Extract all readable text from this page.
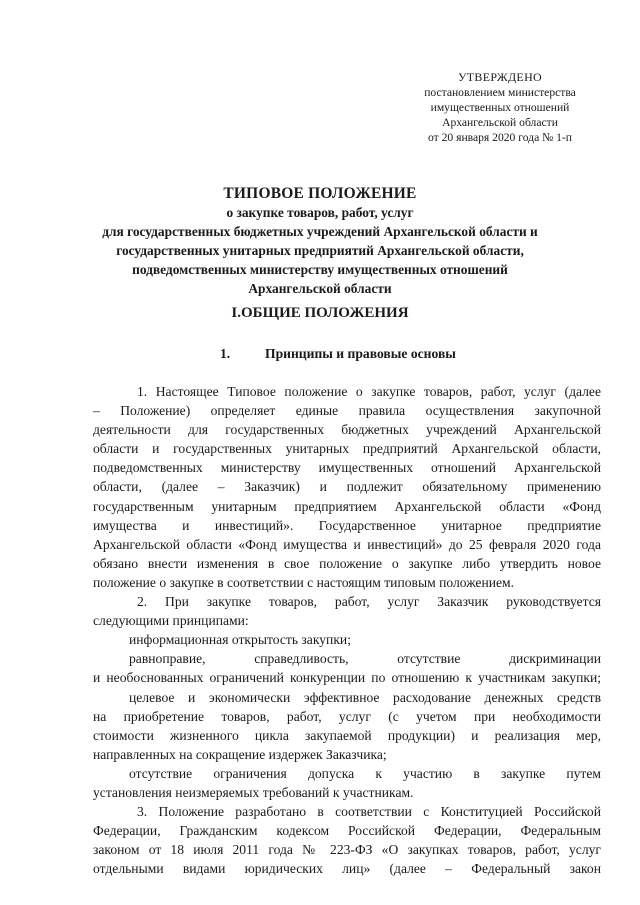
УТВЕРЖДЕНО
постановлением министерства
имущественных отношений
Архангельской области
от 20 января 2020 года № 1-п
ТИПОВОЕ ПОЛОЖЕНИЕ
о закупке товаров, работ, услуг
для государственных бюджетных учреждений Архангельской области и
государственных унитарных предприятий Архангельской области,
подведомственных министерству имущественных отношений
Архангельской области
I.ОБЩИЕ ПОЛОЖЕНИЯ
1.	Принципы и правовые основы
1. Настоящее Типовое положение о закупке товаров, работ, услуг (далее
– Положение) определяет единые правила осуществления закупочной
деятельности для государственных бюджетных учреждений Архангельской
области и государственных унитарных предприятий Архангельской области,
подведомственных министерству имущественных отношений Архангельской
области, (далее – Заказчик) и подлежит обязательному применению
государственным унитарным предприятием Архангельской области «Фонд
имущества и инвестиций». Государственное унитарное предприятие
Архангельской области «Фонд имущества и инвестиций» до 25 февраля 2020 года
обязано внести изменения в свое положение о закупке либо утвердить новое
положение о закупке в соответствии с настоящим типовым положением.
2. При закупке товаров, работ, услуг Заказчик руководствуется
следующими принципами:
информационная открытость закупки;
равноправие, справедливость, отсутствие дискриминации
и необоснованных ограничений конкуренции по отношению к участникам закупки;
целевое и экономически эффективное расходование денежных средств
на приобретение товаров, работ, услуг (с учетом при необходимости
стоимости жизненного цикла закупаемой продукции) и реализация мер,
направленных на сокращение издержек Заказчика;
отсутствие ограничения допуска к участию в закупке путем
установления неизмеряемых требований к участникам.
3. Положение разработано в соответствии с Конституцией Российской
Федерации, Гражданским кодексом Российской Федерации, Федеральным
законом от 18 июля 2011 года № 223-ФЗ «О закупках товаров, работ, услуг
отдельными видами юридических лиц» (далее – Федеральный закон
